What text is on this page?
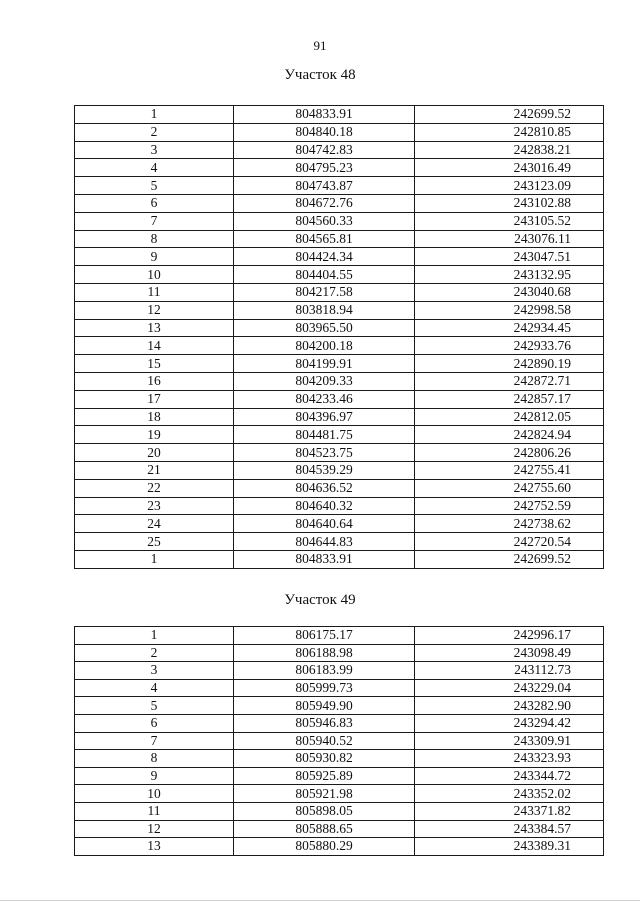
91
Участок 48
1	804833.91	242699.52
2	804840.18	242810.85
3	804742.83	242838.21
4	804795.23	243016.49
5	804743.87	243123.09
6	804672.76	243102.88
7	804560.33	243105.52
8	804565.81	243076.11
9	804424.34	243047.51
10	804404.55	243132.95
11	804217.58	243040.68
12	803818.94	242998.58
13	803965.50	242934.45
14	804200.18	242933.76
15	804199.91	242890.19
16	804209.33	242872.71
17	804233.46	242857.17
18	804396.97	242812.05
19	804481.75	242824.94
20	804523.75	242806.26
21	804539.29	242755.41
22	804636.52	242755.60
23	804640.32	242752.59
24	804640.64	242738.62
25	804644.83	242720.54
1	804833.91	242699.52
Участок 49
1	806175.17	242996.17
2	806188.98	243098.49
3	806183.99	243112.73
4	805999.73	243229.04
5	805949.90	243282.90
6	805946.83	243294.42
7	805940.52	243309.91
8	805930.82	243323.93
9	805925.89	243344.72
10	805921.98	243352.02
11	805898.05	243371.82
12	805888.65	243384.57
13	805880.29	243389.31
